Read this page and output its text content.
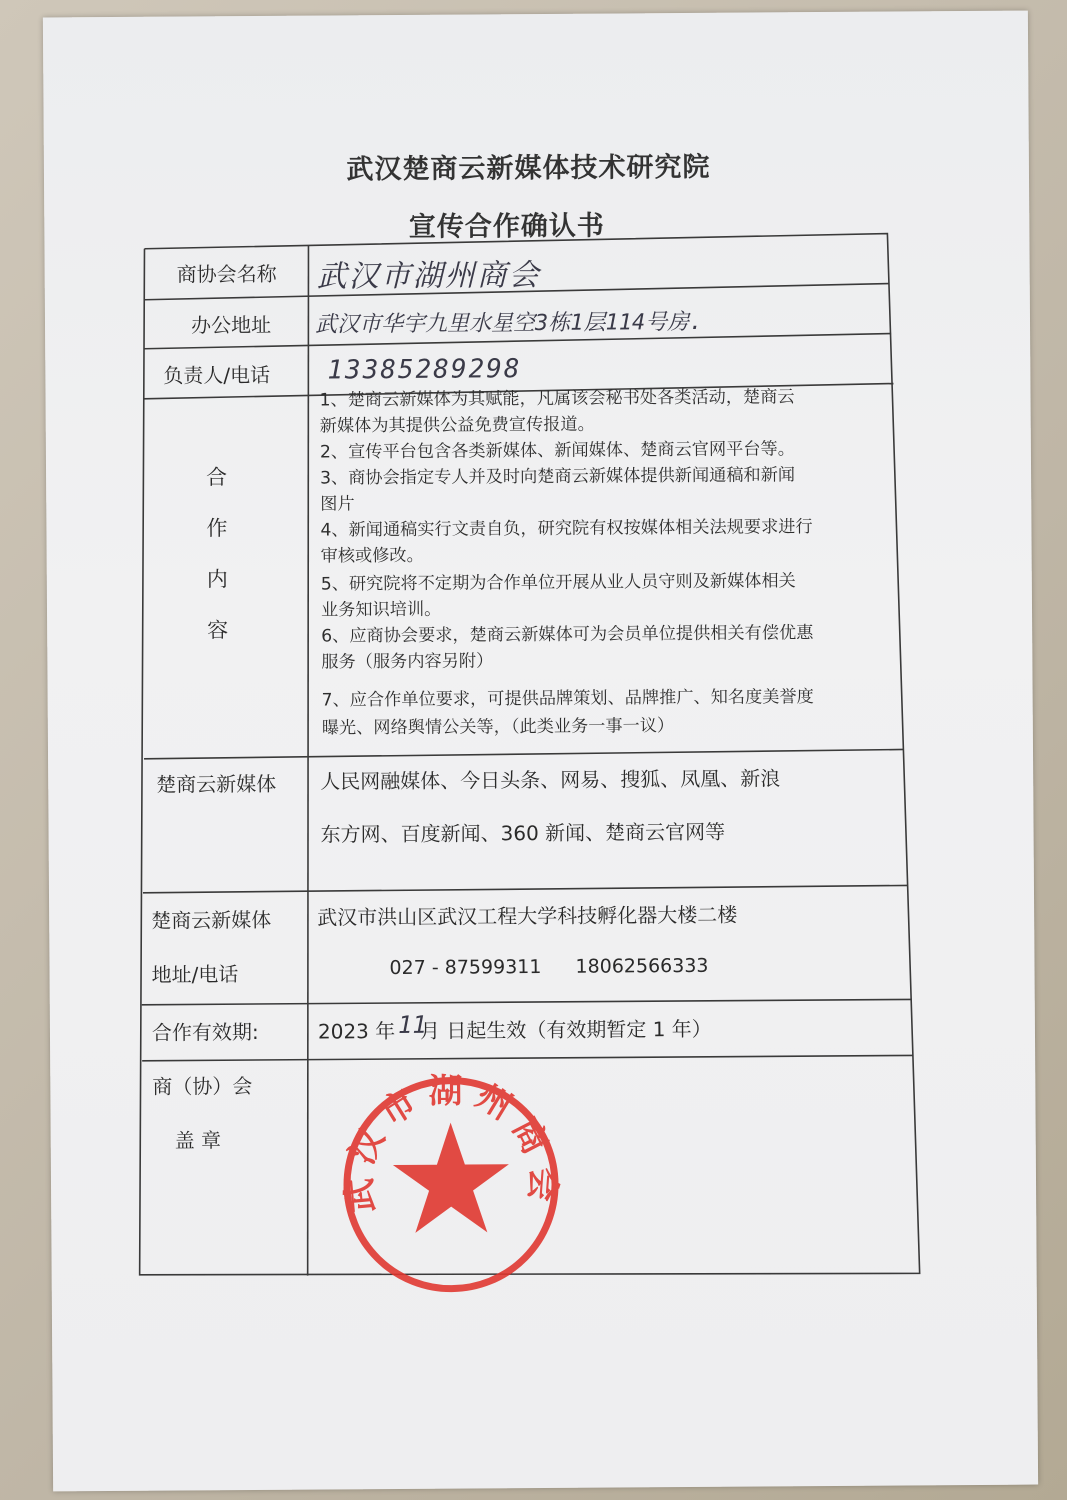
武汉楚商云新媒体技术研究院
宣传合作确认书
商协会名称 武汉市湖州商会
办公地址 武汉市华宇九里水星空3栋1层114号房.
负责人/电话 13385289298
合
作
内
容
1、楚商云新媒体为其赋能，凡属该会秘书处各类活动，楚商云
新媒体为其提供公益免费宣传报道。
2、宣传平台包含各类新媒体、新闻媒体、楚商云官网平台等。
3、商协会指定专人并及时向楚商云新媒体提供新闻通稿和新闻
图片
4、新闻通稿实行文责自负，研究院有权按媒体相关法规要求进行
审核或修改。
5、研究院将不定期为合作单位开展从业人员守则及新媒体相关
业务知识培训。
6、应商协会要求，楚商云新媒体可为会员单位提供相关有偿优惠
服务（服务内容另附）
7、应合作单位要求，可提供品牌策划、品牌推广、知名度美誉度
曝光、网络舆情公关等，（此类业务一事一议）
楚商云新媒体 人民网融媒体、今日头条、网易、搜狐、凤凰、新浪
东方网、百度新闻、360 新闻、楚商云官网等
楚商云新媒体
地址/电话
武汉市洪山区武汉工程大学科技孵化器大楼二楼
027 - 87599311 18062566333
合作有效期:	2023 年 11
月 日起生效（有效期暂定 1 年）
商（协）会
盖 章
武汉市湖州商会
